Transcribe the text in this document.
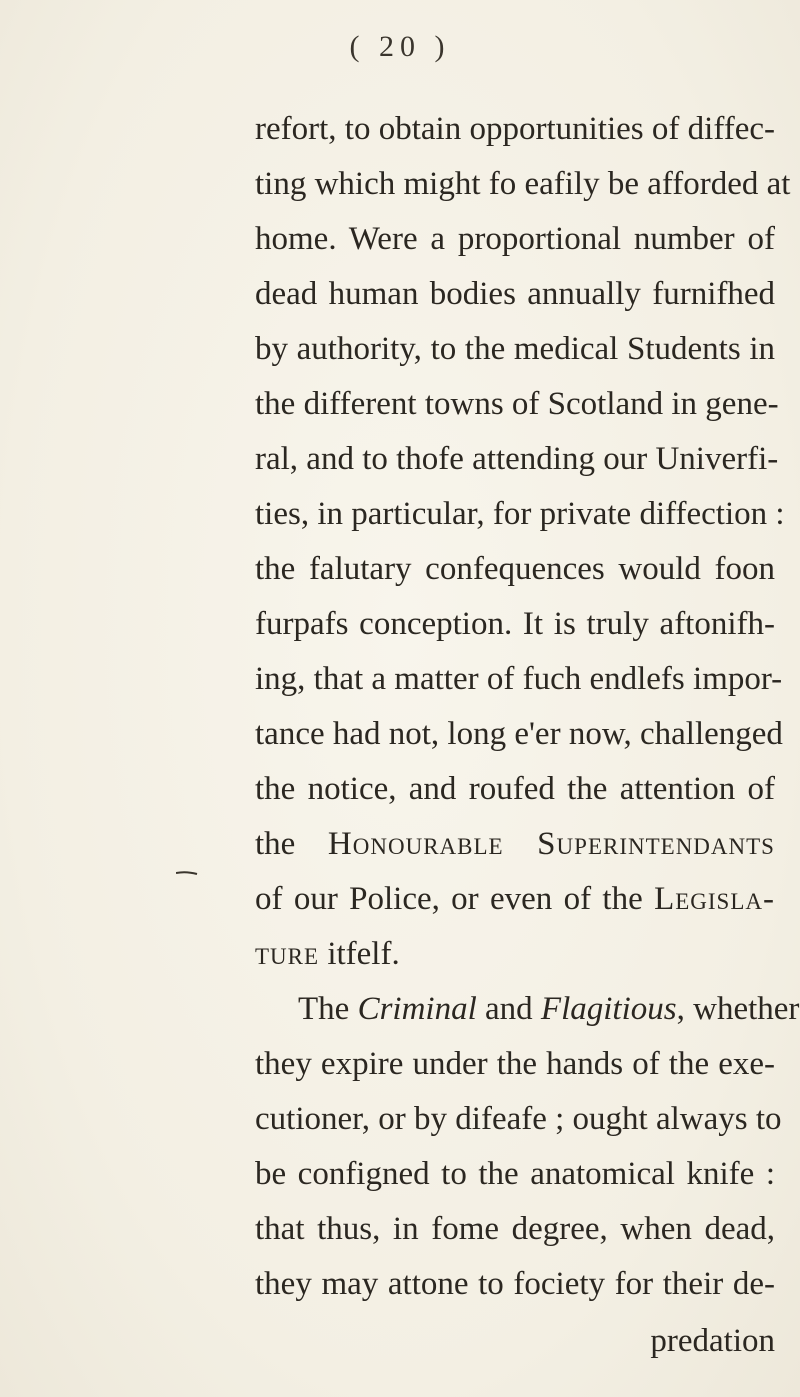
( 20 )
refort, to obtain opportunities of diffec-
ting which might fo eafily be afforded at
home. Were a proportional number of
dead human bodies annually furnifhed
by authority, to the medical Students in
the different towns of Scotland in gene-
ral, and to thofe attending our Univerfi-
ties, in particular, for private diffection :
the falutary confequences would foon
furpafs conception. It is truly aftonifh-
ing, that a matter of fuch endlefs impor-
tance had not, long e'er now, challenged
the notice, and roufed the attention of
the Honourable Superintendants
of our Police, or even of the Legisla-
ture itfelf.
The Criminal and Flagitious, whether
they expire under the hands of the exe-
cutioner, or by difeafe ; ought always to
be configned to the anatomical knife :
that thus, in fome degree, when dead,
they may attone to fociety for their de-
predation
